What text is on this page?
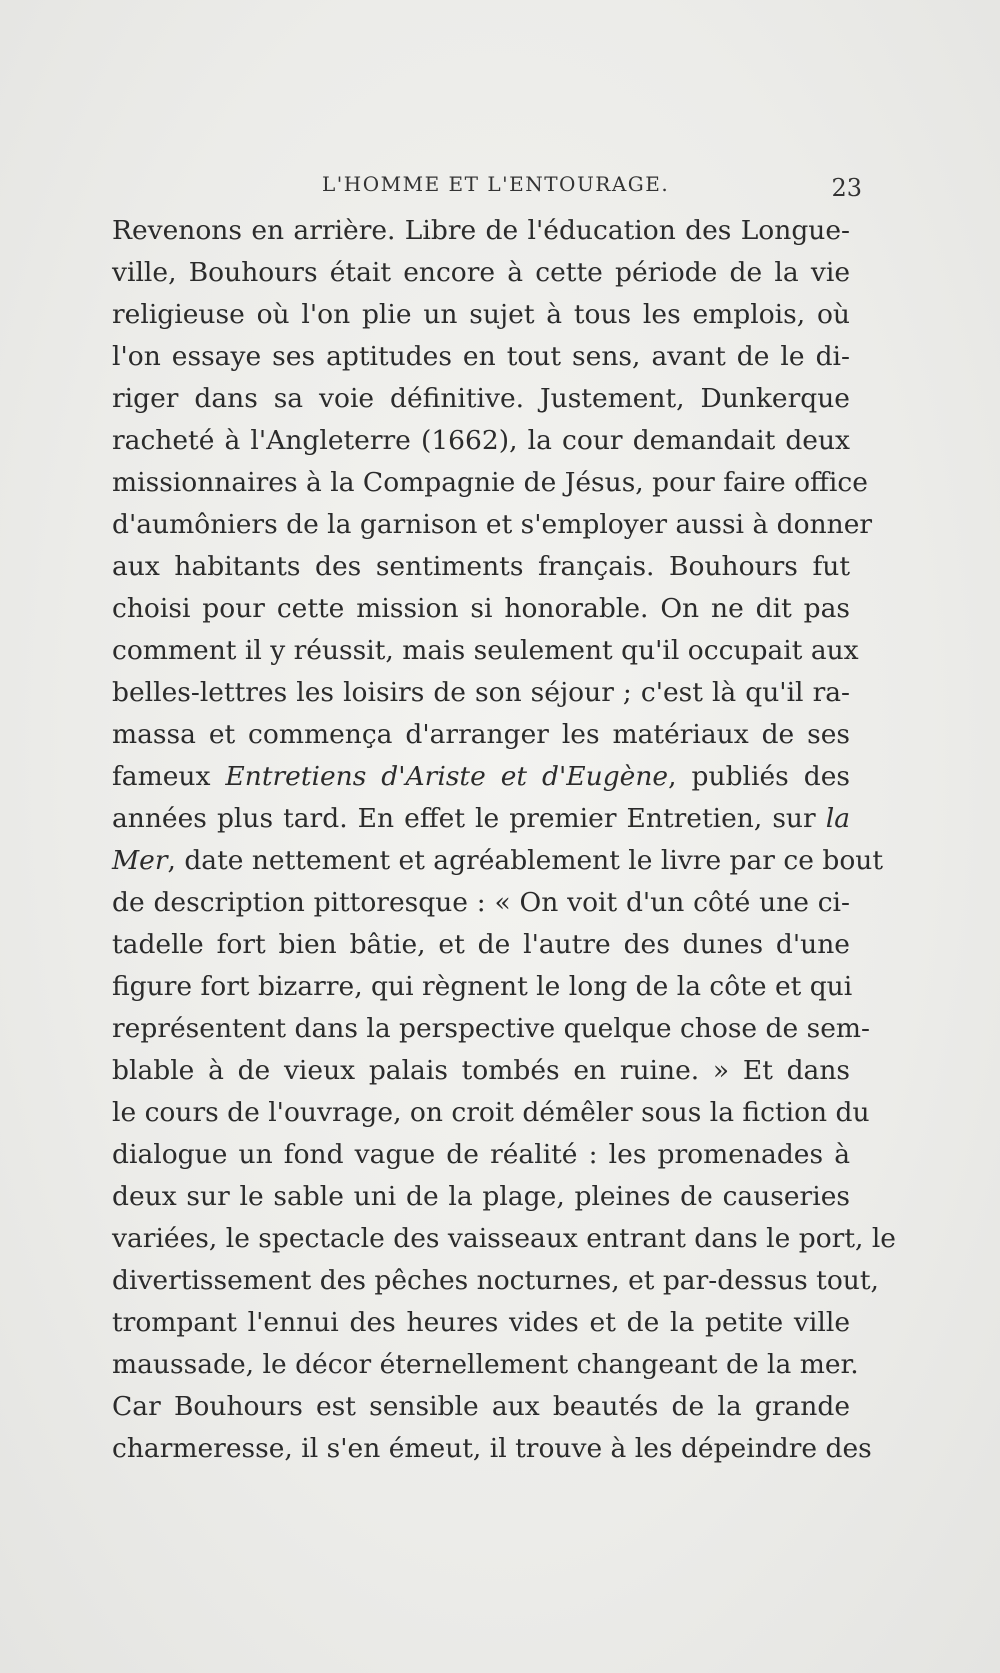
L'HOMME ET L'ENTOURAGE.	23
Revenons en arrière. Libre de l'éducation des Longue-
ville, Bouhours était encore à cette période de la vie
religieuse où l'on plie un sujet à tous les emplois, où
l'on essaye ses aptitudes en tout sens, avant de le di-
riger dans sa voie définitive. Justement, Dunkerque
racheté à l'Angleterre (1662), la cour demandait deux
missionnaires à la Compagnie de Jésus, pour faire office
d'aumôniers de la garnison et s'employer aussi à donner
aux habitants des sentiments français. Bouhours fut
choisi pour cette mission si honorable. On ne dit pas
comment il y réussit, mais seulement qu'il occupait aux
belles-lettres les loisirs de son séjour ; c'est là qu'il ra-
massa et commença d'arranger les matériaux de ses
fameux Entretiens d'Ariste et d'Eugène, publiés des
années plus tard. En effet le premier Entretien, sur la
Mer, date nettement et agréablement le livre par ce bout
de description pittoresque : « On voit d'un côté une ci-
tadelle fort bien bâtie, et de l'autre des dunes d'une
figure fort bizarre, qui règnent le long de la côte et qui
représentent dans la perspective quelque chose de sem-
blable à de vieux palais tombés en ruine. » Et dans
le cours de l'ouvrage, on croit démêler sous la fiction du
dialogue un fond vague de réalité : les promenades à
deux sur le sable uni de la plage, pleines de causeries
variées, le spectacle des vaisseaux entrant dans le port, le
divertissement des pêches nocturnes, et par-dessus tout,
trompant l'ennui des heures vides et de la petite ville
maussade, le décor éternellement changeant de la mer.
Car Bouhours est sensible aux beautés de la grande
charmeresse, il s'en émeut, il trouve à les dépeindre des
